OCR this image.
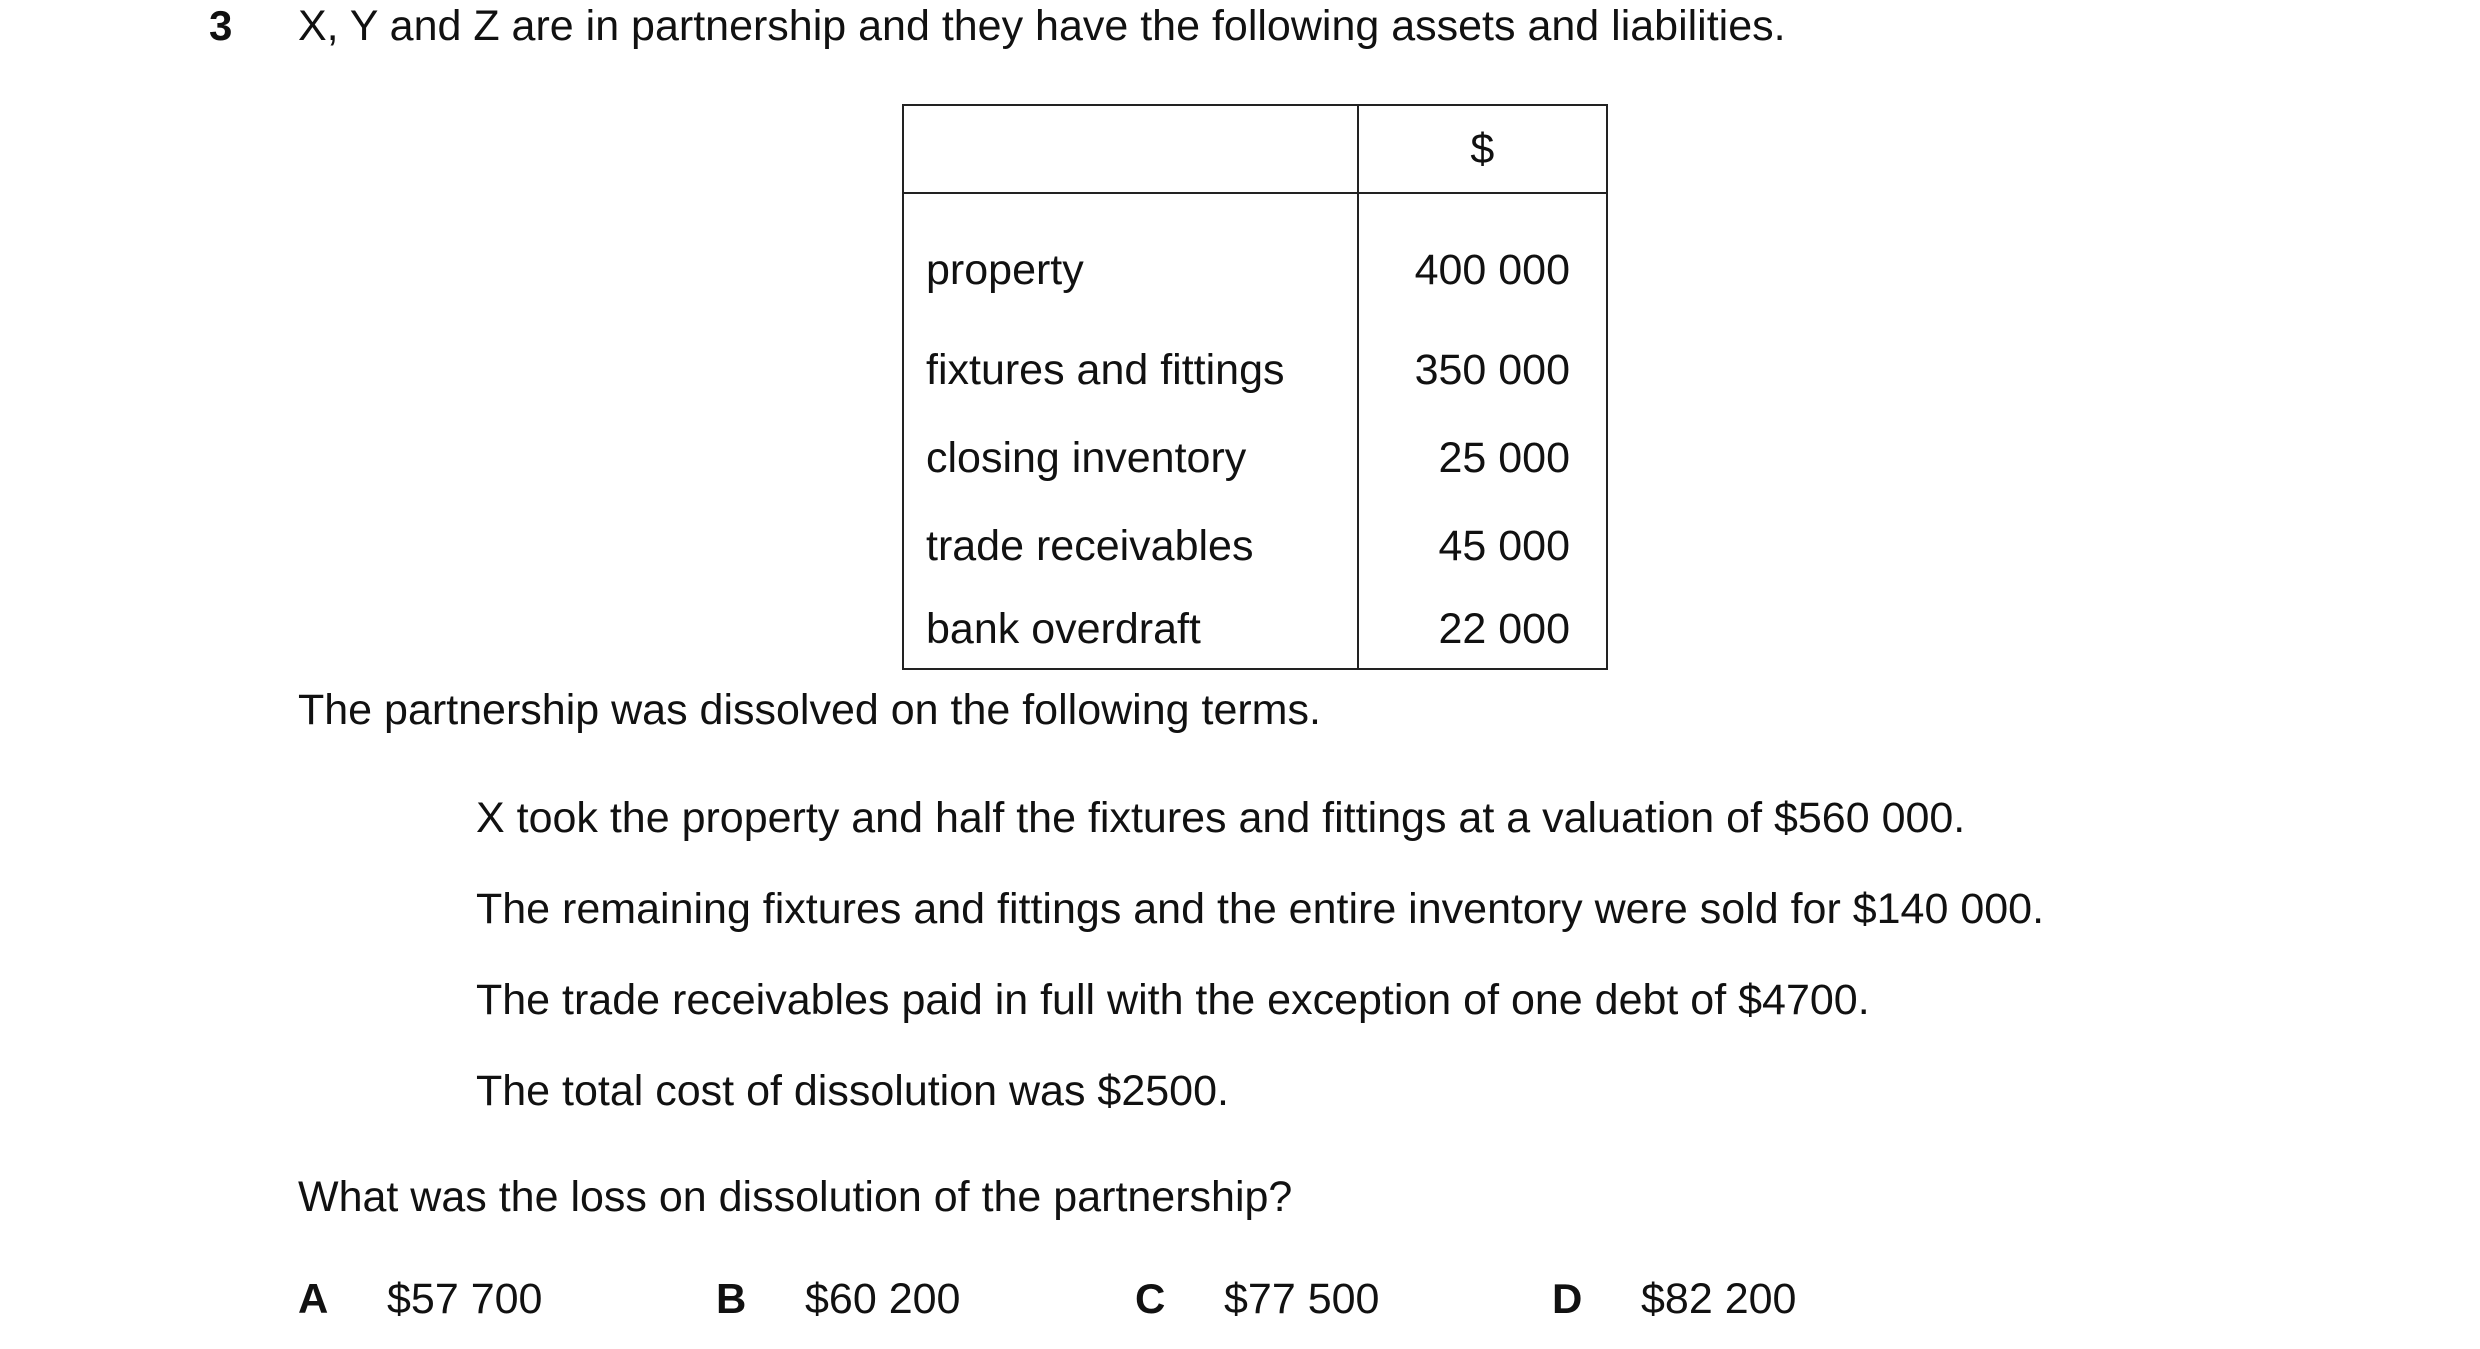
3 X, Y and Z are in partnership and they have the following assets and liabilities.
	$
property	400 000
fixtures and fittings	350 000
closing inventory	25 000
trade receivables	45 000
bank overdraft	22 000
The partnership was dissolved on the following terms.
X took the property and half the fixtures and fittings at a valuation of $560 000.
The remaining fixtures and fittings and the entire inventory were sold for $140 000.
The trade receivables paid in full with the exception of one debt of $4700.
The total cost of dissolution was $2500.
What was the loss on dissolution of the partnership?
A $57 700	B $60 200	C $77 500	D $82 200
